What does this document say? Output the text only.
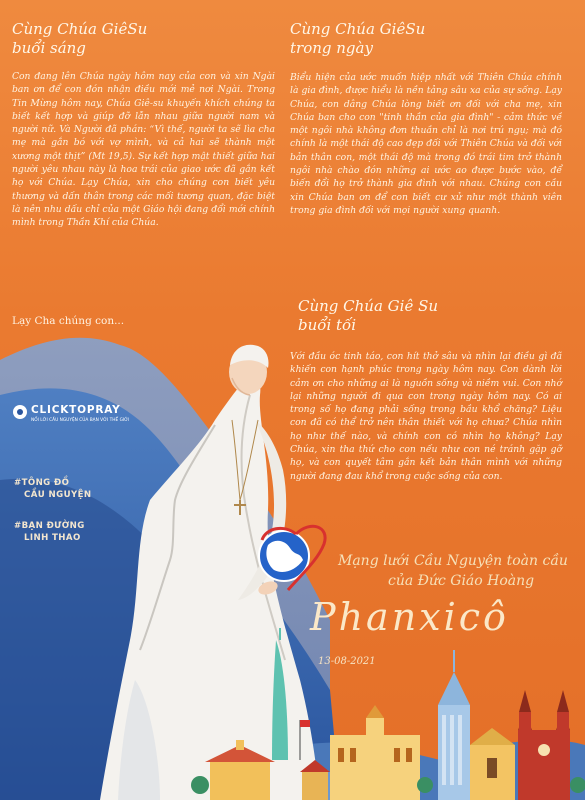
Cùng Chúa GiêSu
buổi sáng
Con đang lên Chúa ngày hôm nay của con và xin Ngài ban ơn để con đón nhận điều mới mẻ nơi Ngài. Trong Tin Mừng hôm nay, Chúa Giê-su khuyến khích chúng ta biết kết hợp và giúp đỡ lẫn nhau giữa người nam và người nữ. Và Người đã phán: “Vì thế, người ta sẽ lìa cha mẹ mà gắn bó với vợ mình, và cả hai sẽ thành một xương một thịt” (Mt 19,5). Sự kết hợp mật thiết giữa hai người yêu nhau này là hoa trái của giao ước đã gắn kết họ với Chúa. Lạy Chúa, xin cho chúng con biết yêu thương và dấn thân trong các mối tương quan, đặc biệt là nên nhu dấu chỉ của một Giáo hội đang đổi mới chính mình trong Thần Khí của Chúa.
Lạy Cha chúng con...
Cùng Chúa GiêSu
trong ngày
Biểu hiện của ước muốn hiệp nhất với Thiên Chúa chính là gia đình, được hiểu là nền tảng sâu xa của sự sống. Lạy Chúa, con dâng Chúa lòng biết ơn đối với cha mẹ, xin Chúa ban cho con "tinh thần của gia đình" - cảm thức về một ngôi nhà không đơn thuần chỉ là nơi trú ngụ; mà đó chính là một thái độ cao đẹp đối với Thiên Chúa và đối với bản thân con, một thái độ mà trong đó trái tim trở thành ngôi nhà chào đón những ai ước ao được bước vào, để biến đổi họ trở thành gia đình với nhau. Chúng con cầu xin Chúa ban ơn để con biết cư xử như một thành viên trong gia đình đối với mọi người xung quanh.
Cùng Chúa Giê Su
buổi tối
Với đầu óc tinh táo, con hít thở sâu và nhìn lại điều gì đã khiến con hạnh phúc trong ngày hôm nay. Con dành lời cảm ơn cho những ai là nguồn sống và niềm vui. Con nhớ lại những người đi qua con trong ngày hôm nay. Có ai trong số họ đang phải sống trong bầu khổ chăng? Liệu con đã có thể trở nên thân thiết với họ chưa? Chúa nhìn họ như thế nào, và chính con có nhìn họ không? Lạy Chúa, xin tha thứ cho con nếu như con né tránh gặp gỡ họ, và con quyết tâm gắn kết bản thân mình với những người đang đau khổ trong cuộc sống của con.
CLICKTOPRAY
NỐI LỜI CẦU NGUYỆN CỦA BẠN VỚI THẾ GIỚI
#TÔNG ĐỒ
CẦU NGUYỆN
#BẠN ĐƯỜNG
LINH THAO
Mạng lưới Cầu Nguyện toàn cầu
của Đức Giáo Hoàng
Phanxicô
13-08-2021
